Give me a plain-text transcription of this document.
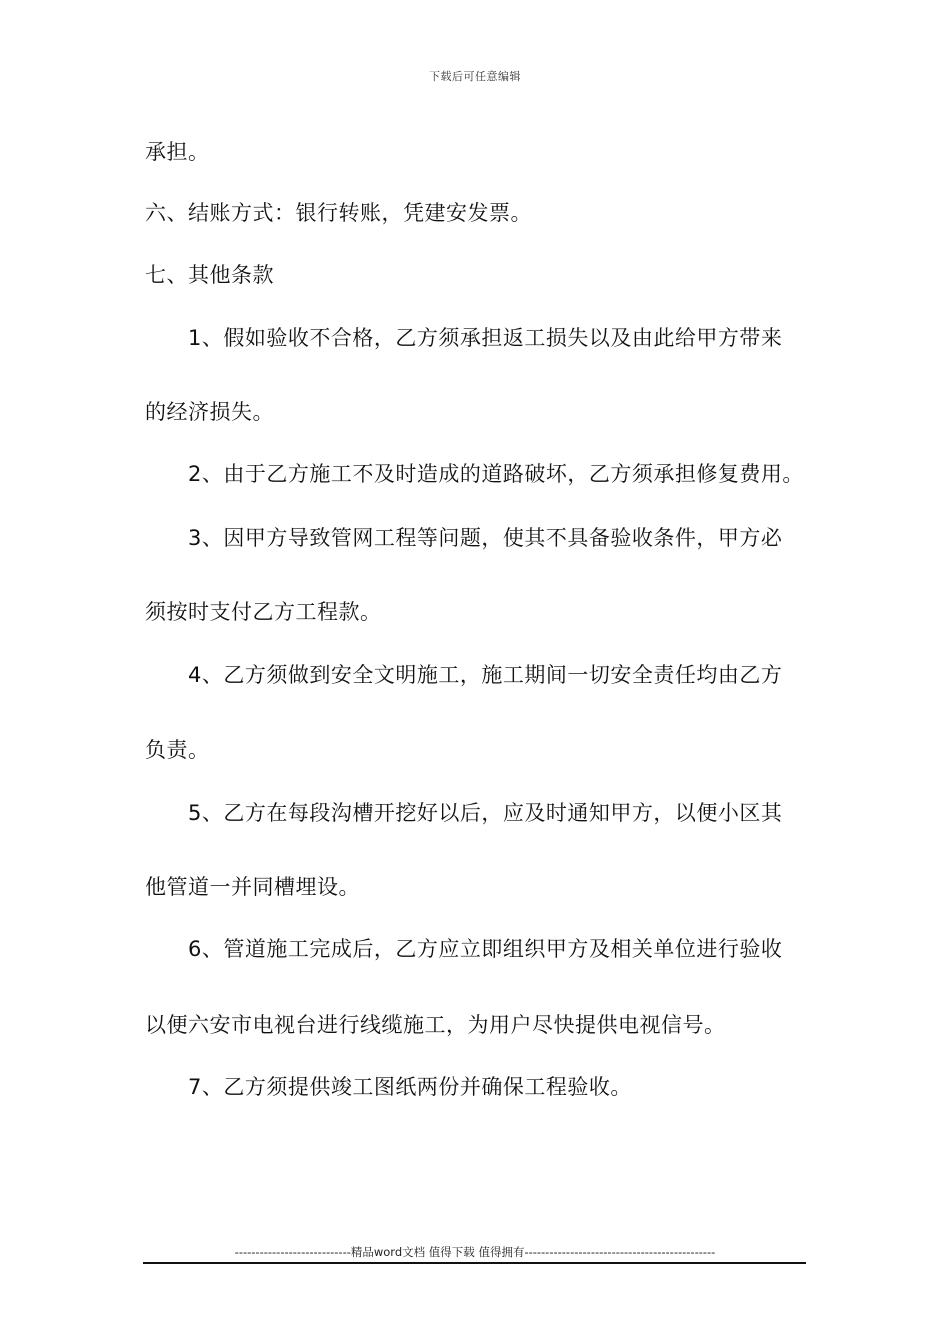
下载后可任意编辑
承担。
六、结账方式：银行转账，凭建安发票。
七、其他条款
1、假如验收不合格，乙方须承担返工损失以及由此给甲方带来
的经济损失。
2、由于乙方施工不及时造成的道路破坏，乙方须承担修复费用。
3、因甲方导致管网工程等问题，使其不具备验收条件，甲方必
须按时支付乙方工程款。
4、乙方须做到安全文明施工，施工期间一切安全责任均由乙方
负责。
5、乙方在每段沟槽开挖好以后，应及时通知甲方，以便小区其
他管道一并同槽埋设。
6、管道施工完成后，乙方应立即组织甲方及相关单位进行验收
以便六安市电视台进行线缆施工，为用户尽快提供电视信号。
7、乙方须提供竣工图纸两份并确保工程验收。
----------------------------精品word文档 值得下载 值得拥有----------------------------------------------
